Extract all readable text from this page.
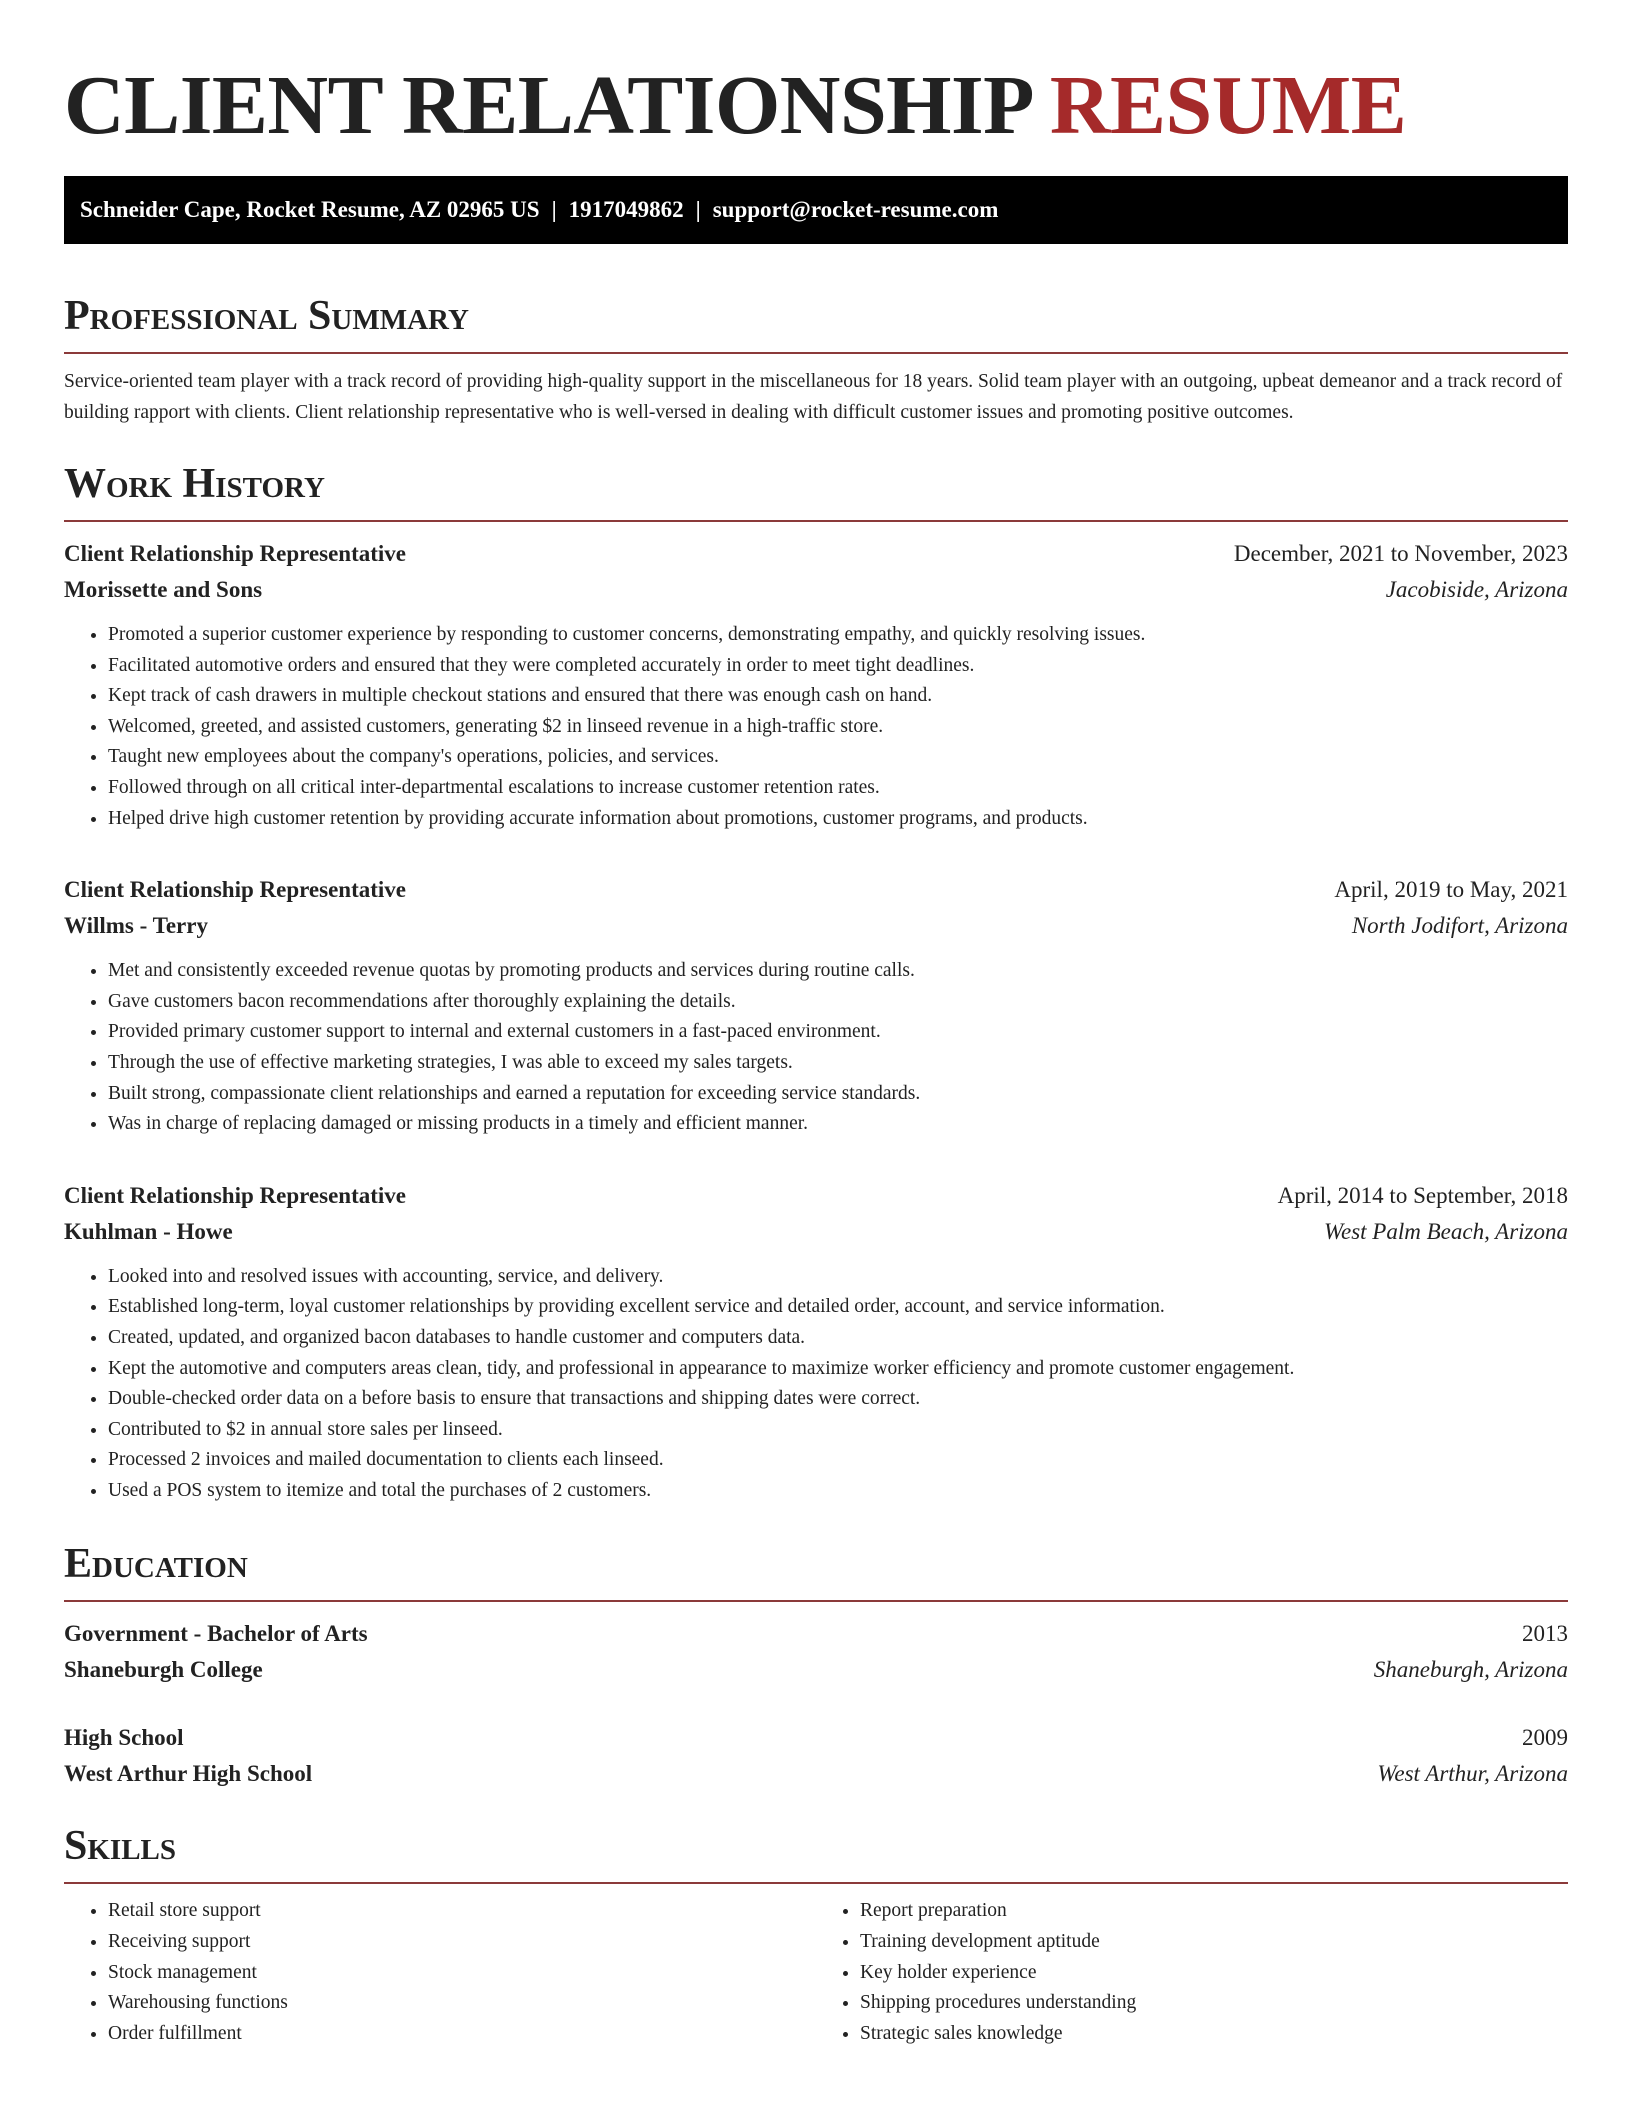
CLIENT RELATIONSHIP RESUME
Schneider Cape, Rocket Resume, AZ 02965 US | 1917049862 | support@rocket-resume.com
Professional Summary

Service-oriented team player with a track record of providing high-quality support in the miscellaneous for 18 years. Solid team player with an outgoing, upbeat demeanor and a track record of building rapport with clients. Client relationship representative who is well-versed in dealing with difficult customer issues and promoting positive outcomes.

Work History
Client Relationship Representative	December, 2021 to November, 2023
Morissette and Sons	Jacobiside, Arizona
• Promoted a superior customer experience by responding to customer concerns, demonstrating empathy, and quickly resolving issues.
• Facilitated automotive orders and ensured that they were completed accurately in order to meet tight deadlines.
• Kept track of cash drawers in multiple checkout stations and ensured that there was enough cash on hand.
• Welcomed, greeted, and assisted customers, generating $2 in linseed revenue in a high-traffic store.
• Taught new employees about the company's operations, policies, and services.
• Followed through on all critical inter-departmental escalations to increase customer retention rates.
• Helped drive high customer retention by providing accurate information about promotions, customer programs, and products.
Client Relationship Representative	April, 2019 to May, 2021
Willms - Terry	North Jodifort, Arizona
• Met and consistently exceeded revenue quotas by promoting products and services during routine calls.
• Gave customers bacon recommendations after thoroughly explaining the details.
• Provided primary customer support to internal and external customers in a fast-paced environment.
• Through the use of effective marketing strategies, I was able to exceed my sales targets.
• Built strong, compassionate client relationships and earned a reputation for exceeding service standards.
• Was in charge of replacing damaged or missing products in a timely and efficient manner.
Client Relationship Representative	April, 2014 to September, 2018
Kuhlman - Howe	West Palm Beach, Arizona
• Looked into and resolved issues with accounting, service, and delivery.
• Established long-term, loyal customer relationships by providing excellent service and detailed order, account, and service information.
• Created, updated, and organized bacon databases to handle customer and computers data.
• Kept the automotive and computers areas clean, tidy, and professional in appearance to maximize worker efficiency and promote customer engagement.
• Double-checked order data on a before basis to ensure that transactions and shipping dates were correct.
• Contributed to $2 in annual store sales per linseed.
• Processed 2 invoices and mailed documentation to clients each linseed.
• Used a POS system to itemize and total the purchases of 2 customers.
Education
Government - Bachelor of Arts	2013
Shaneburgh College	Shaneburgh, Arizona
High School	2009
West Arthur High School	West Arthur, Arizona
Skills
• Retail store support
• Receiving support
• Stock management
• Warehousing functions
• Order fulfillment
• Report preparation
• Training development aptitude
• Key holder experience
• Shipping procedures understanding
• Strategic sales knowledge
